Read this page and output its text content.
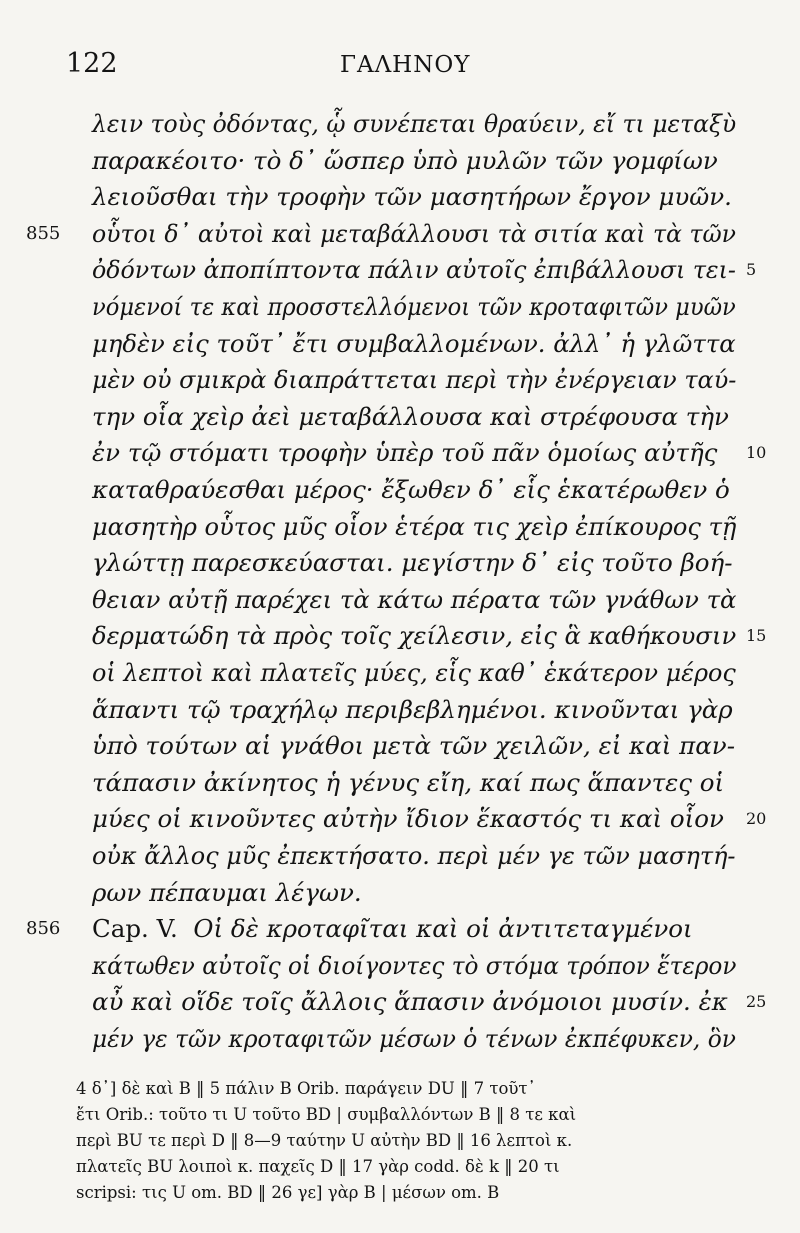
122	ΓΑΛΗΝΟΥ
λειν τοὺς ὀδόντας, ᾧ συνέπεται θραύειν, εἴ τι μεταξὺ
παρακέοιτο· τὸ δ᾽ ὥσπερ ὑπὸ μυλῶν τῶν γομφίων
λειοῦσθαι τὴν τροφὴν τῶν μασητήρων ἔργον μυῶν.
οὗτοι δ᾽ αὐτοὶ καὶ μεταβάλλουσι τὰ σιτία καὶ τὰ τῶν
ὀδόντων ἀποπίπτοντα πάλιν αὐτοῖς ἐπιβάλλουσι τει-
νόμενοί τε καὶ προσστελλόμενοι τῶν κροταφιτῶν μυῶν
μηδὲν εἰς τοῦτ᾽ ἔτι συμβαλλομένων. ἀλλ᾽ ἡ γλῶττα
μὲν οὐ σμικρὰ διαπράττεται περὶ τὴν ἐνέργειαν ταύ-
την οἷα χεὶρ ἀεὶ μεταβάλλουσα καὶ στρέφουσα τὴν
ἐν τῷ στόματι τροφὴν ὑπὲρ τοῦ πᾶν ὁμοίως αὐτῆς
καταθραύεσθαι μέρος· ἔξωθεν δ᾽ εἷς ἑκατέρωθεν ὁ
μασητὴρ οὗτος μῦς οἷον ἑτέρα τις χεὶρ ἐπίκουρος τῇ
γλώττῃ παρεσκεύασται. μεγίστην δ᾽ εἰς τοῦτο βοή-
θειαν αὐτῇ παρέχει τὰ κάτω πέρατα τῶν γνάθων τὰ
δερματώδη τὰ πρὸς τοῖς χείλεσιν, εἰς ἃ καθήκουσιν
οἱ λεπτοὶ καὶ πλατεῖς μύες, εἷς καθ᾽ ἑκάτερον μέρος
ἅπαντι τῷ τραχήλῳ περιβεβλημένοι. κινοῦνται γὰρ
ὑπὸ τούτων αἱ γνάθοι μετὰ τῶν χειλῶν, εἰ καὶ παν-
τάπασιν ἀκίνητος ἡ γένυς εἴη, καί πως ἅπαντες οἱ
μύες οἱ κινοῦντες αὐτὴν ἴδιον ἕκαστός τι καὶ οἷον
οὐκ ἄλλος μῦς ἐπεκτήσατο. περὶ μέν γε τῶν μασητή-
ρων πέπαυμαι λέγων.
Cap. V. Οἱ δὲ κροταφῖται καὶ οἱ ἀντιτεταγμένοι
κάτωθεν αὐτοῖς οἱ διοίγοντες τὸ στόμα τρόπον ἕτερον
αὖ καὶ οἵδε τοῖς ἄλλοις ἅπασιν ἀνόμοιοι μυσίν. ἐκ
μέν γε τῶν κροταφιτῶν μέσων ὁ τένων ἐκπέφυκεν, ὃν
855
856
5
10
15
20
25
4 δ᾽] δὲ καὶ B ‖ 5 πάλιν B Orib. παράγειν DU ‖ 7 τοῦτ᾽
ἔτι Orib.: τοῦτο τι U τοῦτο BD | συμβαλλόντων B ‖ 8 τε καὶ
περὶ BU τε περὶ D ‖ 8—9 ταύτην U αὐτὴν BD ‖ 16 λεπτοὶ κ.
πλατεῖς BU λοιποὶ κ. παχεῖς D ‖ 17 γὰρ codd. δὲ k ‖ 20 τι
scripsi: τις U om. BD ‖ 26 γε] γὰρ B | μέσων om. B
